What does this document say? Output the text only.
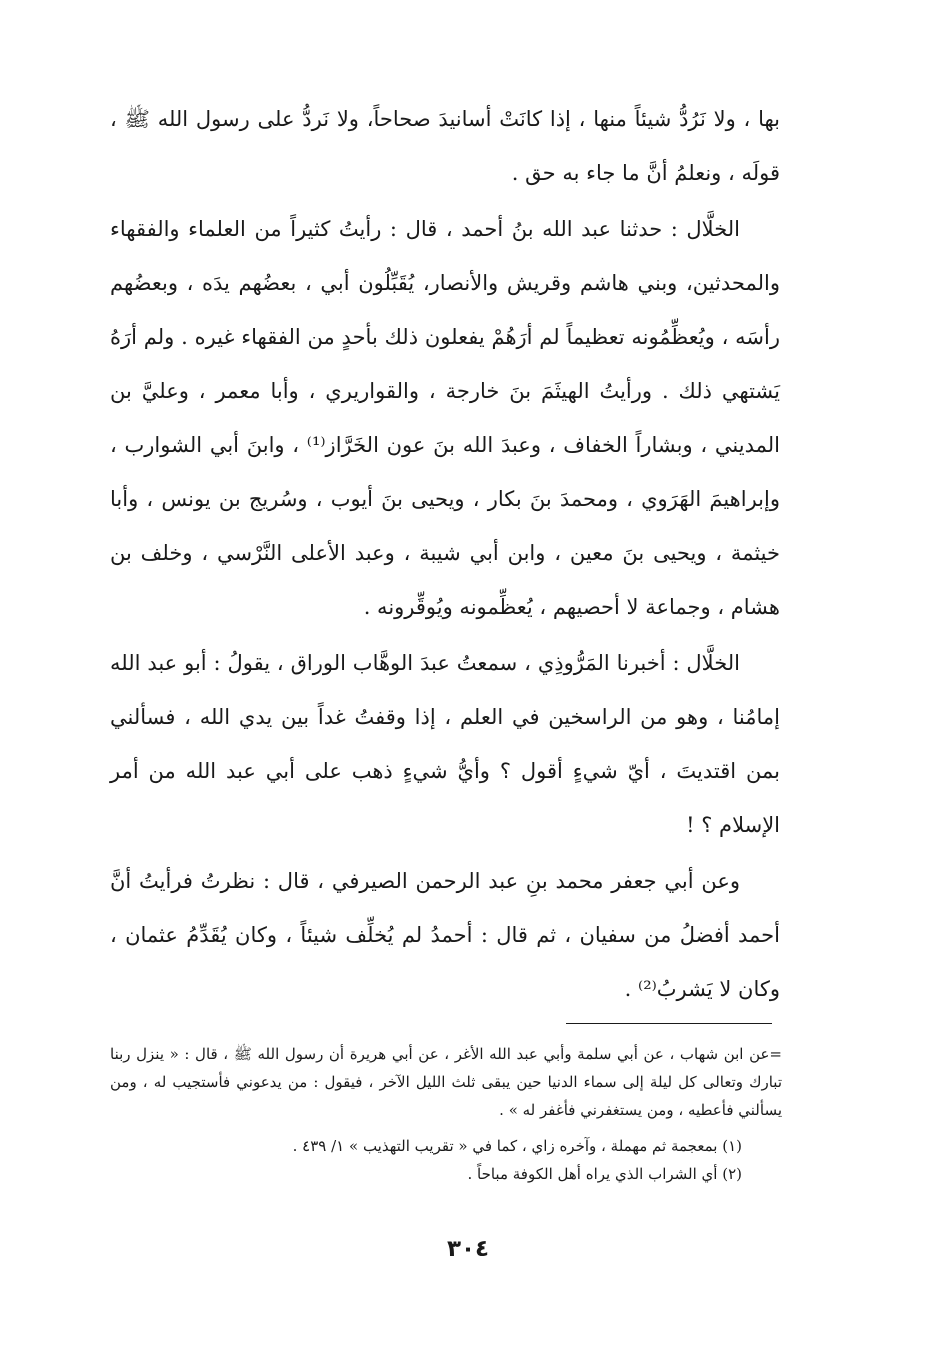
بها ، ولا نَرُدُّ شيئاً منها ، إذا كانَتْ أسانيدَ صحاحاً، ولا نَردُّ على رسول الله ﷺ ، قولَه ، ونعلمُ أنَّ ما جاء به حق .

الخلَّال : حدثنا عبد الله بنُ أحمد ، قال : رأيتُ كثيراً من العلماء والفقهاء والمحدثين، وبني هاشم وقريش والأنصار، يُقَبِّلُون أبي ، بعضُهم يدَه ، وبعضُهم رأسَه ، ويُعظِّمُونه تعظيماً لم أرَهُمْ يفعلون ذلك بأحدٍ من الفقهاء غيره . ولم أرَهُ يَشتهي ذلك . ورأيتُ الهيثَمَ بنَ خارجة ، والقواريري ، وأبا معمر ، وعليَّ بن المديني ، وبشاراً الخفاف ، وعبدَ الله بنَ عون الخَرَّاز⁽¹⁾ ، وابنَ أبي الشوارب ، وإبراهيمَ الهَرَوي ، ومحمدَ بنَ بكار ، ويحيى بنَ أيوب ، وسُريج بن يونس ، وأبا خيثمة ، ويحيى بنَ معين ، وابن أبي شيبة ، وعبد الأعلى النَّرْسي ، وخلف بن هشام ، وجماعة لا أحصيهم ، يُعظِّمونه ويُوقِّرونه .

الخلَّال : أخبرنا المَرُّوذِي ، سمعتُ عبدَ الوهَّاب الوراق ، يقولُ : أبو عبد الله إمامُنا ، وهو من الراسخين في العلم ، إذا وقفتُ غداً بين يدي الله ، فسألني بمن اقتديتَ ، أيّ شيءٍ أقول ؟ وأيُّ شيءٍ ذهب على أبي عبد الله من أمر الإسلام ؟ !

وعن أبي جعفر محمد بنِ عبد الرحمن الصيرفي ، قال : نظرتُ فرأيتُ أنَّ أحمد أفضلُ من سفيان ، ثم قال : أحمدُ لم يُخلِّف شيئاً ، وكان يُقَدِّمُ عثمان ، وكان لا يَشربُ⁽²⁾ .

=عن ابن شهاب ، عن أبي سلمة وأبي عبد الله الأغر ، عن أبي هريرة أن رسول الله ﷺ ، قال : « ينزل ربنا تبارك وتعالى كل ليلة إلى سماء الدنيا حين يبقى ثلث الليل الآخر ، فيقول : من يدعوني فأستجيب له ، ومن يسألني فأعطيه ، ومن يستغفرني فأغفر له » .

(١) بمعجمة ثم مهملة ، وآخره زاي ، كما في « تقريب التهذيب » ١/ ٤٣٩ .

(٢) أي الشراب الذي يراه أهل الكوفة مباحاً .

٣٠٤
